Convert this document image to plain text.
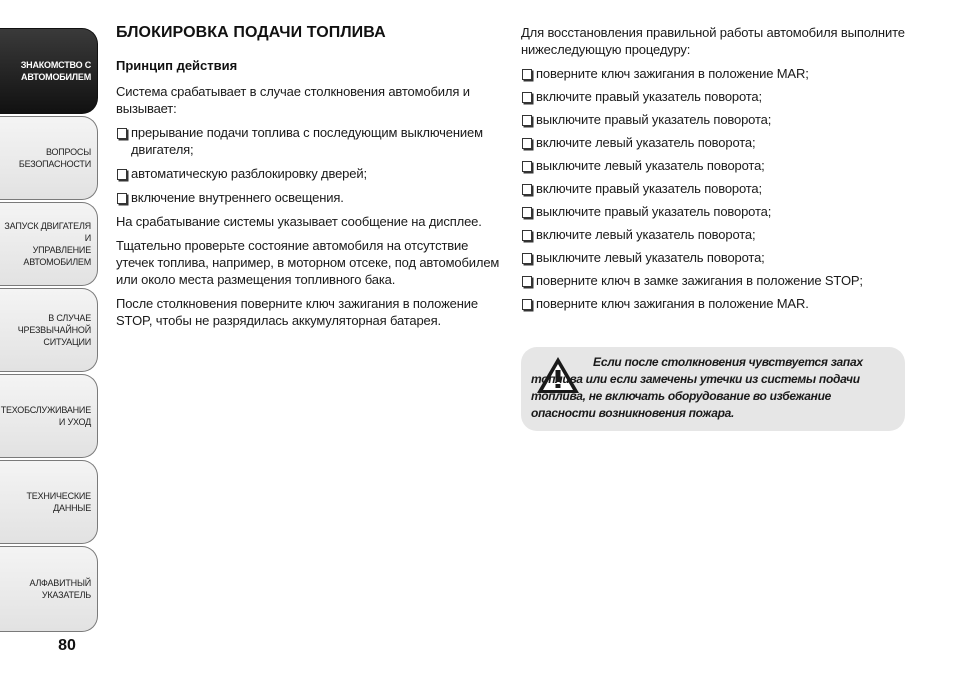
ЗНАКОМСТВО С
АВТОМОБИЛЕМ
ВОПРОСЫ
БЕЗОПАСНОСТИ
ЗАПУСК ДВИГАТЕЛЯ И
УПРАВЛЕНИЕ
АВТОМОБИЛЕМ
В СЛУЧАЕ
ЧРЕЗВЫЧАЙНОЙ
СИТУАЦИИ
ТЕХОБСЛУЖИВАНИЕ
И УХОД
ТЕХНИЧЕСКИЕ
ДАННЫЕ
АЛФАВИТНЫЙ
УКАЗАТЕЛЬ
80
БЛОКИРОВКА ПОДАЧИ ТОПЛИВА
Принцип действия

Система срабатывает в случае столкновения автомобиля и вызывает:

прерывание подачи топлива с последующим выключением двигателя;
автоматическую разблокировку дверей;
включение внутреннего освещения.

На срабатывание системы указывает сообщение на дисплее.

Тщательно проверьте состояние автомобиля на отсутствие утечек топлива, например, в моторном отсеке, под автомобилем или около места размещения топливного бака.

После столкновения поверните ключ зажигания в положение STOP, чтобы не разрядилась аккумуляторная батарея.

Для восстановления правильной работы автомобиля выполните нижеследующую процедуру:

поверните ключ зажигания в положение MAR;
включите правый указатель поворота;
выключите правый указатель поворота;
включите левый указатель поворота;
выключите левый указатель поворота;
включите правый указатель поворота;
выключите правый указатель поворота;
включите левый указатель поворота;
выключите левый указатель поворота;
поверните ключ в замке зажигания в положение STOP;
поверните ключ зажигания в положение MAR.
Если после столкновения чувствуется запах топлива или если замечены утечки из системы подачи топлива, не включать оборудование во избежание опасности возникновения пожара.
